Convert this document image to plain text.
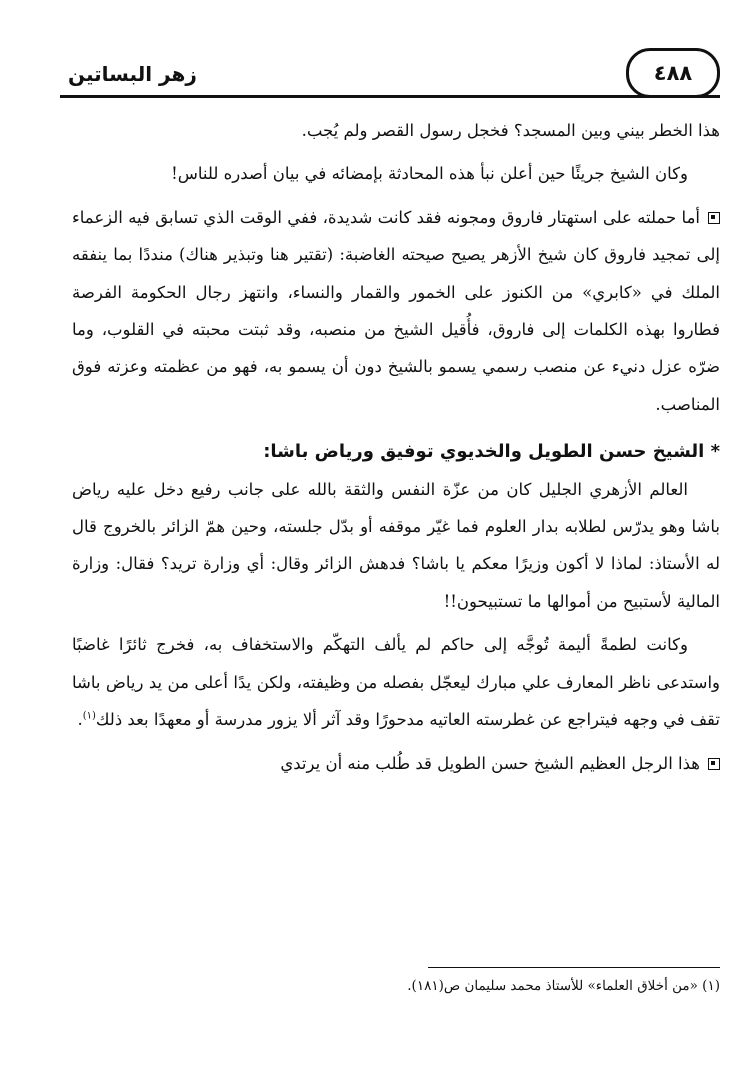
زهر البساتين	٤٨٨

هذا الخطر بيني وبين المسجد؟ فخجل رسول القصر ولم يُجب.

وكان الشيخ جريئًا حين أعلن نبأ هذه المحادثة بإمضائه في بيان أصدره للناس!

أما حملته على استهتار فاروق ومجونه فقد كانت شديدة، ففي الوقت الذي تسابق فيه الزعماء إلى تمجيد فاروق كان شيخ الأزهر يصيح صيحته الغاضبة: (تقتير هنا وتبذير هناك) منددًا بما ينفقه الملك في «كابري» من الكنوز على الخمور والقمار والنساء، وانتهز رجال الحكومة الفرصة فطاروا بهذه الكلمات إلى فاروق، فأُقيل الشيخ من منصبه، وقد ثبتت محبته في القلوب، وما ضرّه عزل دنيء عن منصب رسمي يسمو بالشيخ دون أن يسمو به، فهو من عظمته وعزته فوق المناصب.

* الشيخ حسن الطويل والخديوي توفيق ورياض باشا:

العالم الأزهري الجليل كان من عزّة النفس والثقة بالله على جانب رفيع دخل عليه رياض باشا وهو يدرّس لطلابه بدار العلوم فما غيّر موقفه أو بدّل جلسته، وحين همّ الزائر بالخروج قال له الأستاذ: لماذا لا أكون وزيرًا معكم يا باشا؟ فدهش الزائر وقال: أي وزارة تريد؟ فقال: وزارة المالية لأستبيح من أموالها ما تستبيحون!!

وكانت لطمةً أليمة تُوجَّه إلى حاكم لم يألف التهكّم والاستخفاف به، فخرج ثائرًا غاضبًا واستدعى ناظر المعارف علي مبارك ليعجّل بفصله من وظيفته، ولكن يدًا أعلى من يد رياض باشا تقف في وجهه فيتراجع عن غطرسته العاتيه مدحورًا وقد آثر ألا يزور مدرسة أو معهدًا بعد ذلك$^{(١)}$.

هذا الرجل العظيم الشيخ حسن الطويل قد طُلب منه أن يرتدي

(١) «من أخلاق العلماء» للأستاذ محمد سليمان ص(١٨١).
